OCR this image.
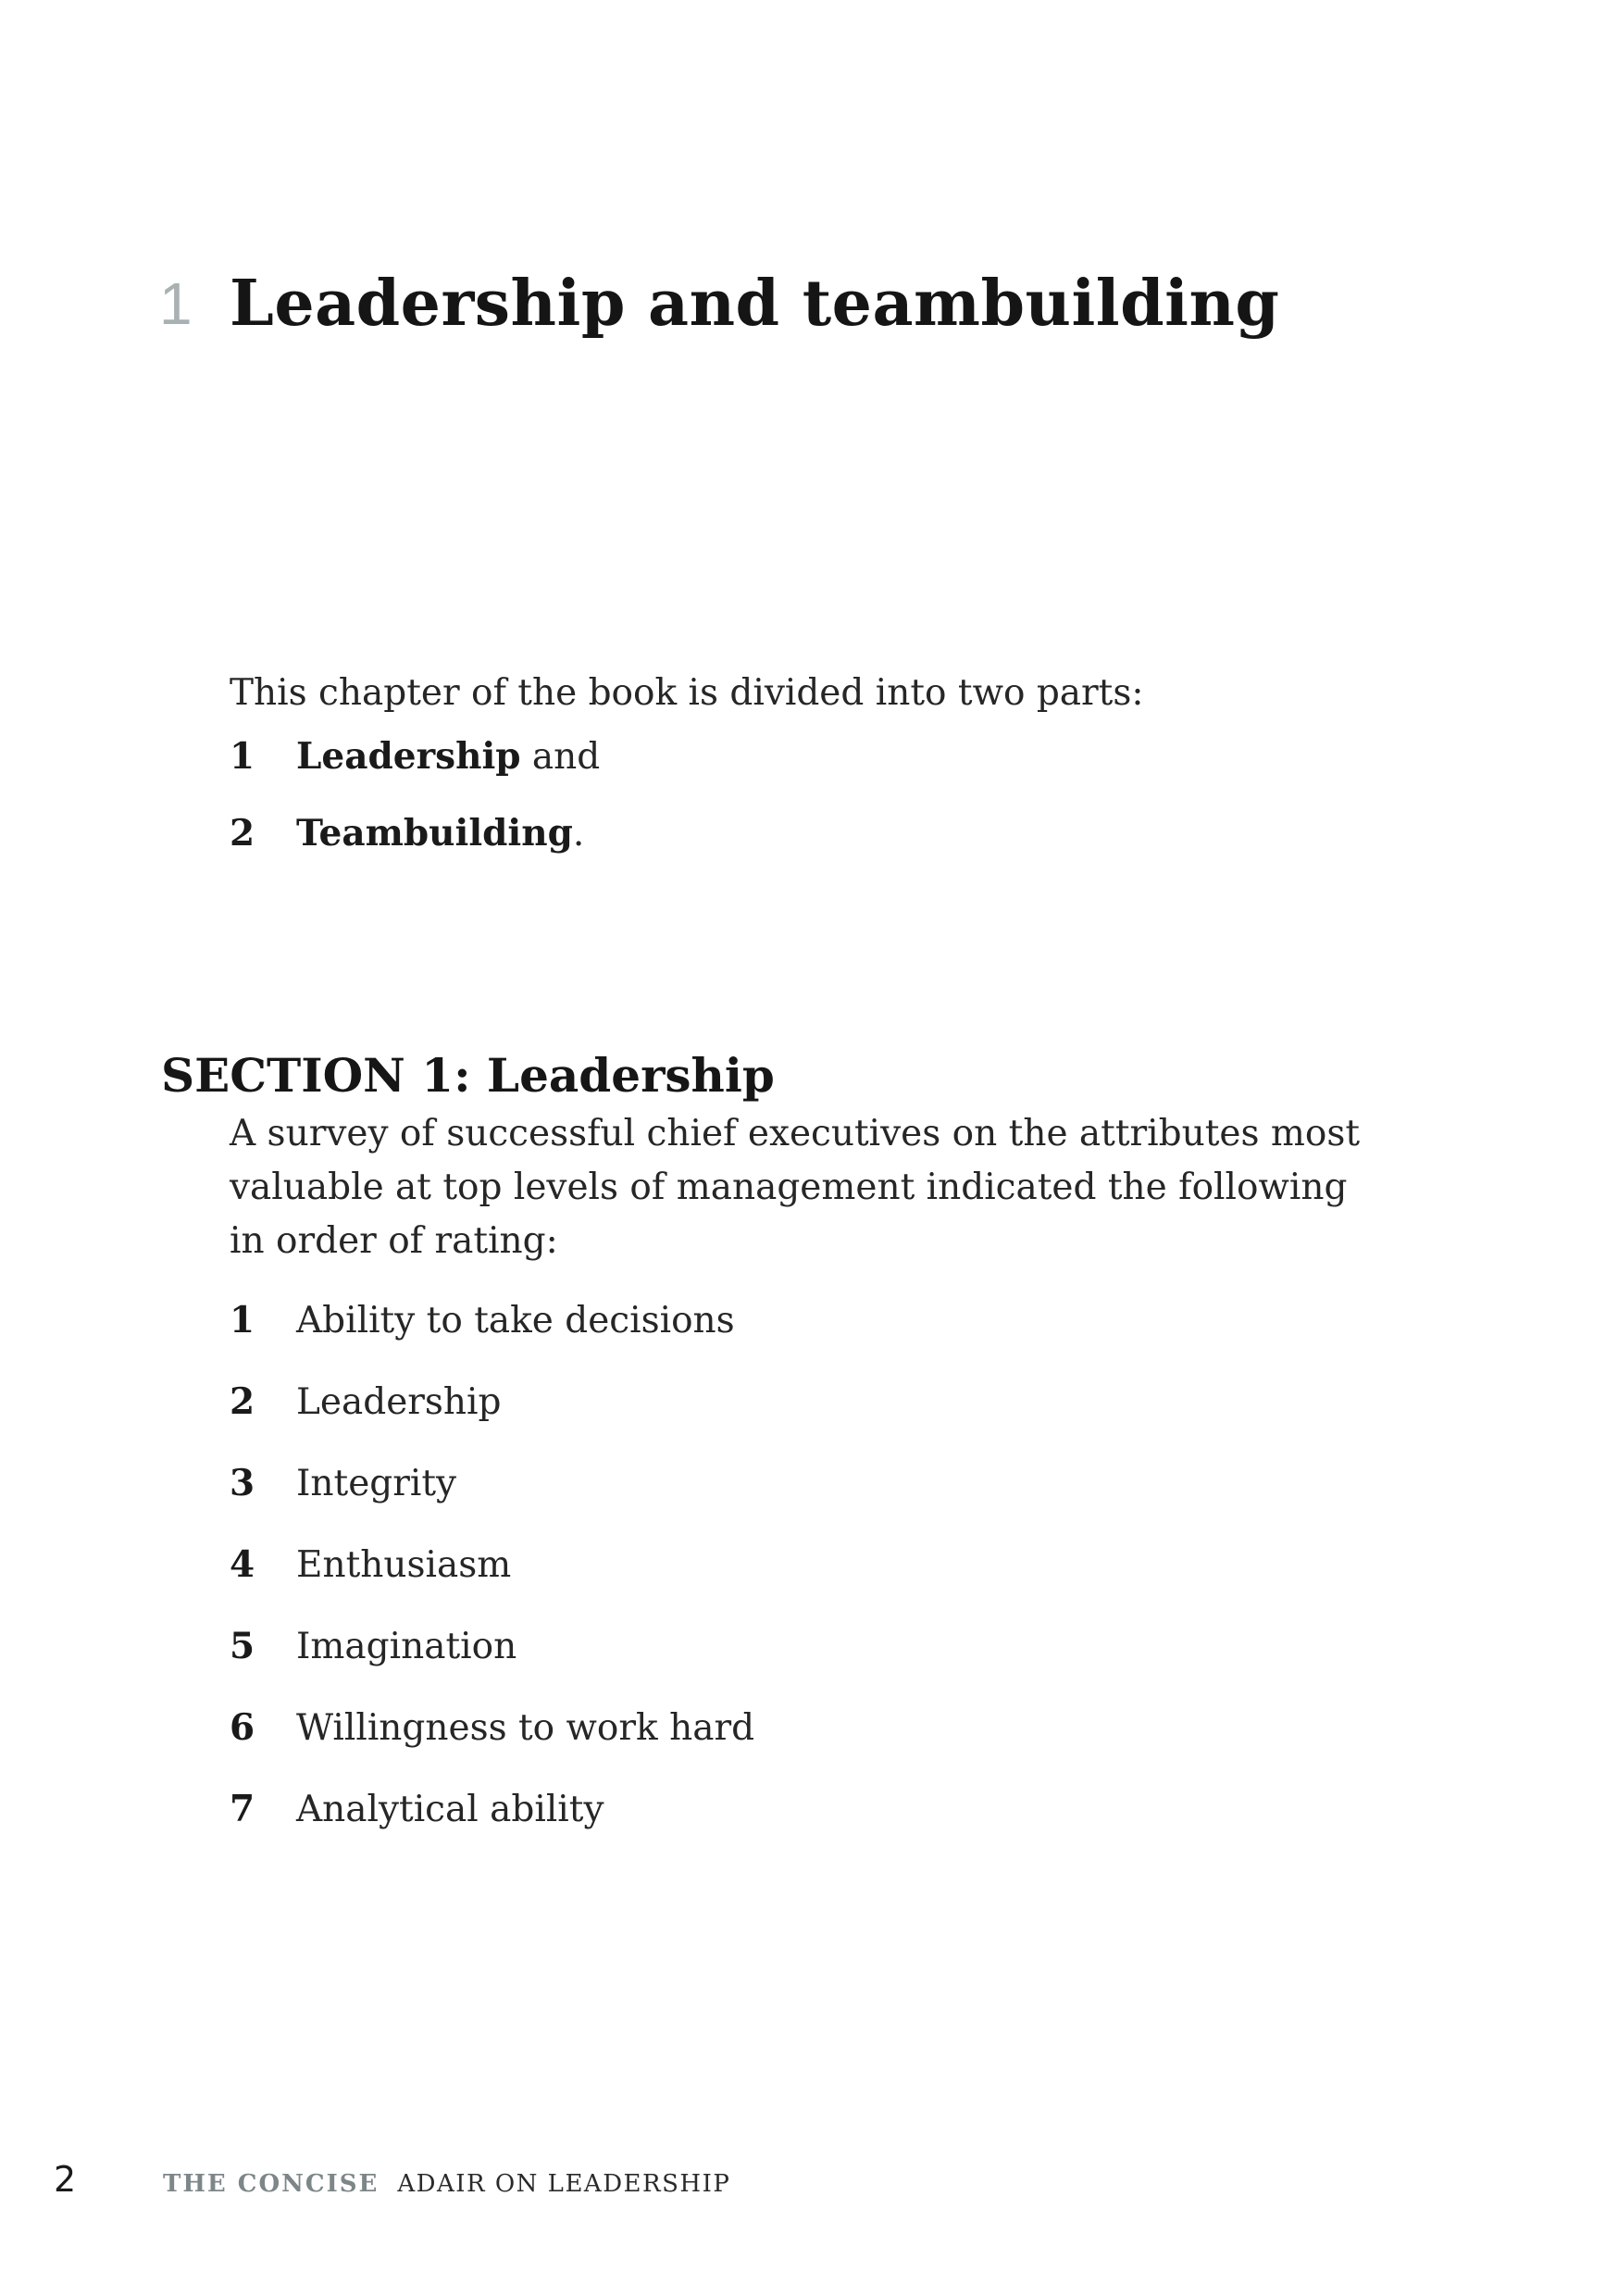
1 Leadership and teambuilding

This chapter of the book is divided into two parts:

1	Leadership and
2	Teambuilding.
SECTION 1: Leadership

A survey of successful chief executives on the attributes most valuable at top levels of management indicated the following in order of rating:

1	Ability to take decisions
2	Leadership
3	Integrity
4	Enthusiasm
5	Imagination
6	Willingness to work hard
7	Analytical ability
2	THE CONCISE ADAIR ON LEADERSHIP
